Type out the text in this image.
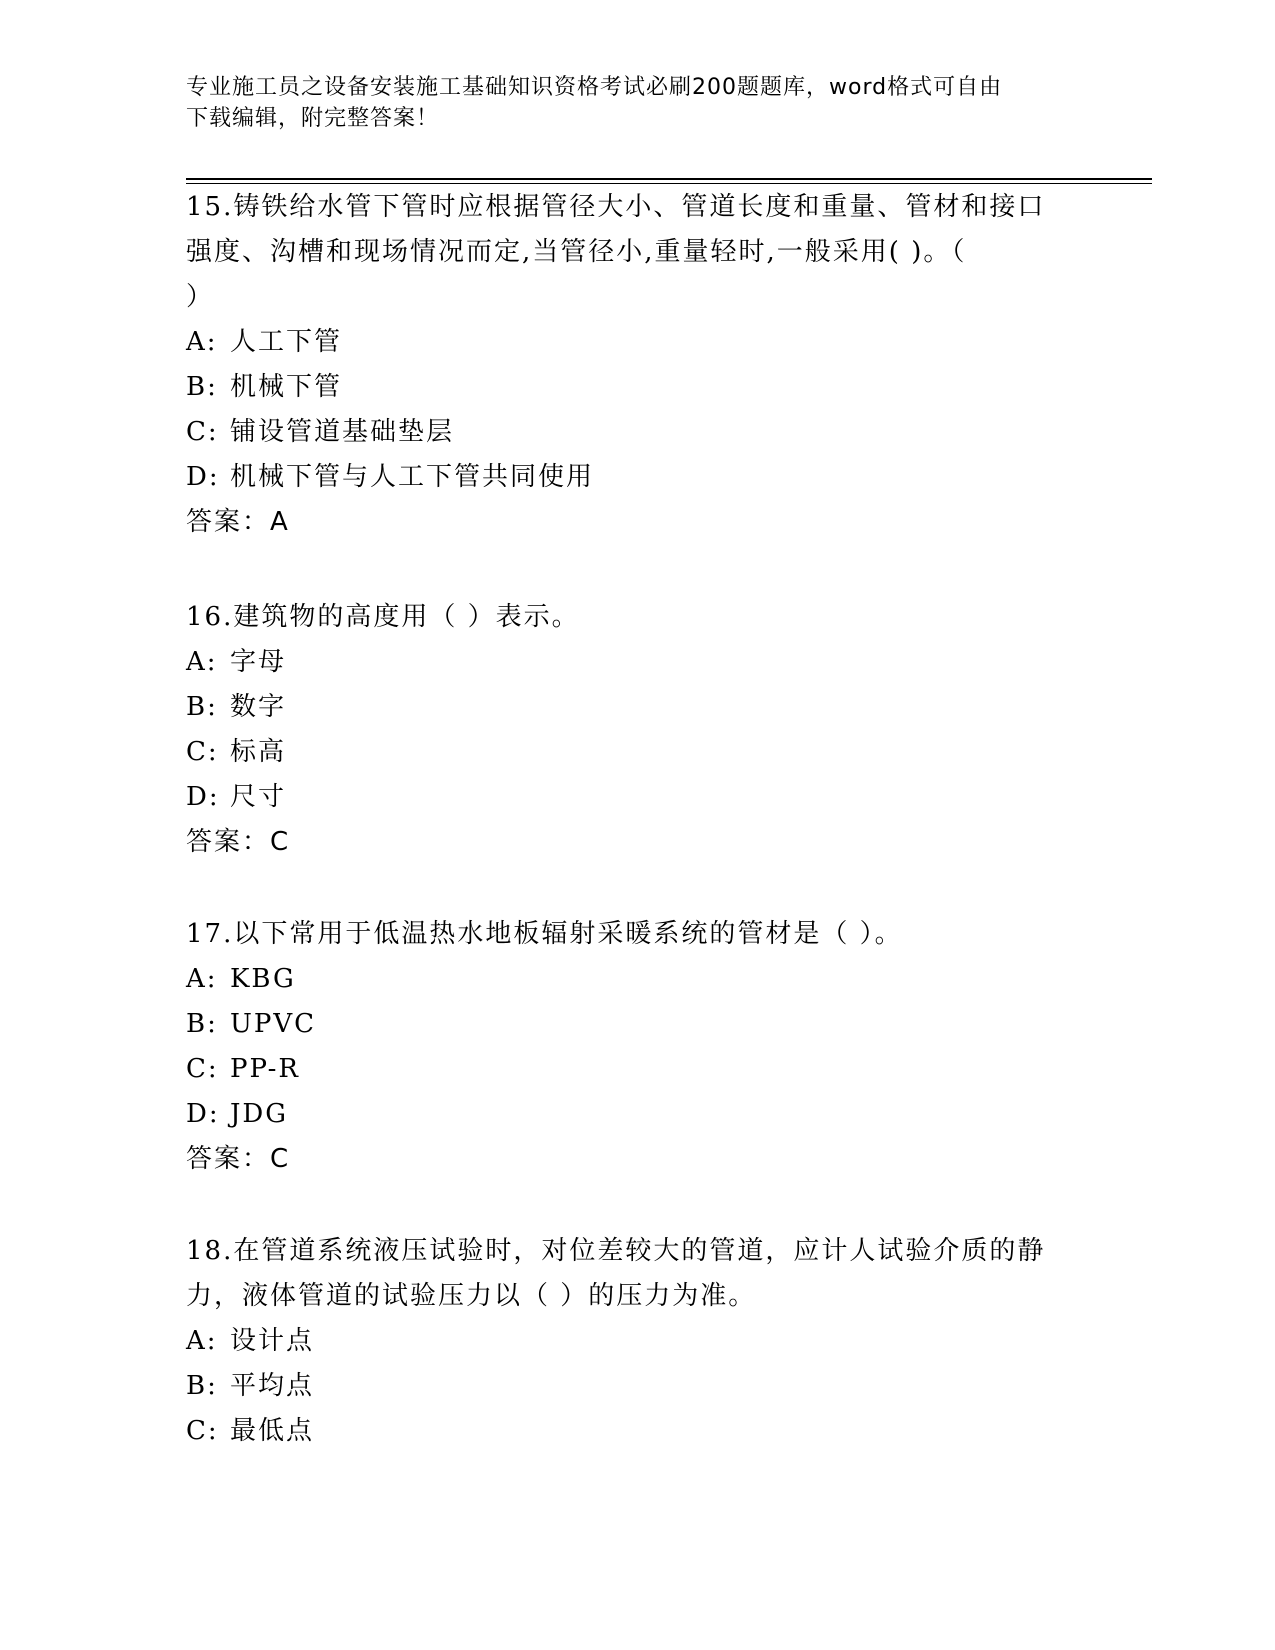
专业施工员之设备安装施工基础知识资格考试必刷200题题库，word格式可自由
下载编辑，附完整答案！
15.铸铁给水管下管时应根据管径大小、管道长度和重量、管材和接口
强度、沟槽和现场情况而定,当管径小,重量轻时,一般采用( )。（
）
A: 人工下管
B: 机械下管
C: 铺设管道基础垫层
D: 机械下管与人工下管共同使用
答案：A
16.建筑物的高度用（ ）表示。
A: 字母
B: 数字
C: 标高
D: 尺寸
答案：C
17.以下常用于低温热水地板辐射采暖系统的管材是（ ）。
A: KBG
B: UPVC
C: PP-R
D: JDG
答案：C
18.在管道系统液压试验时，对位差较大的管道，应计人试验介质的静
力，液体管道的试验压力以（ ）的压力为准。
A: 设计点
B: 平均点
C: 最低点
